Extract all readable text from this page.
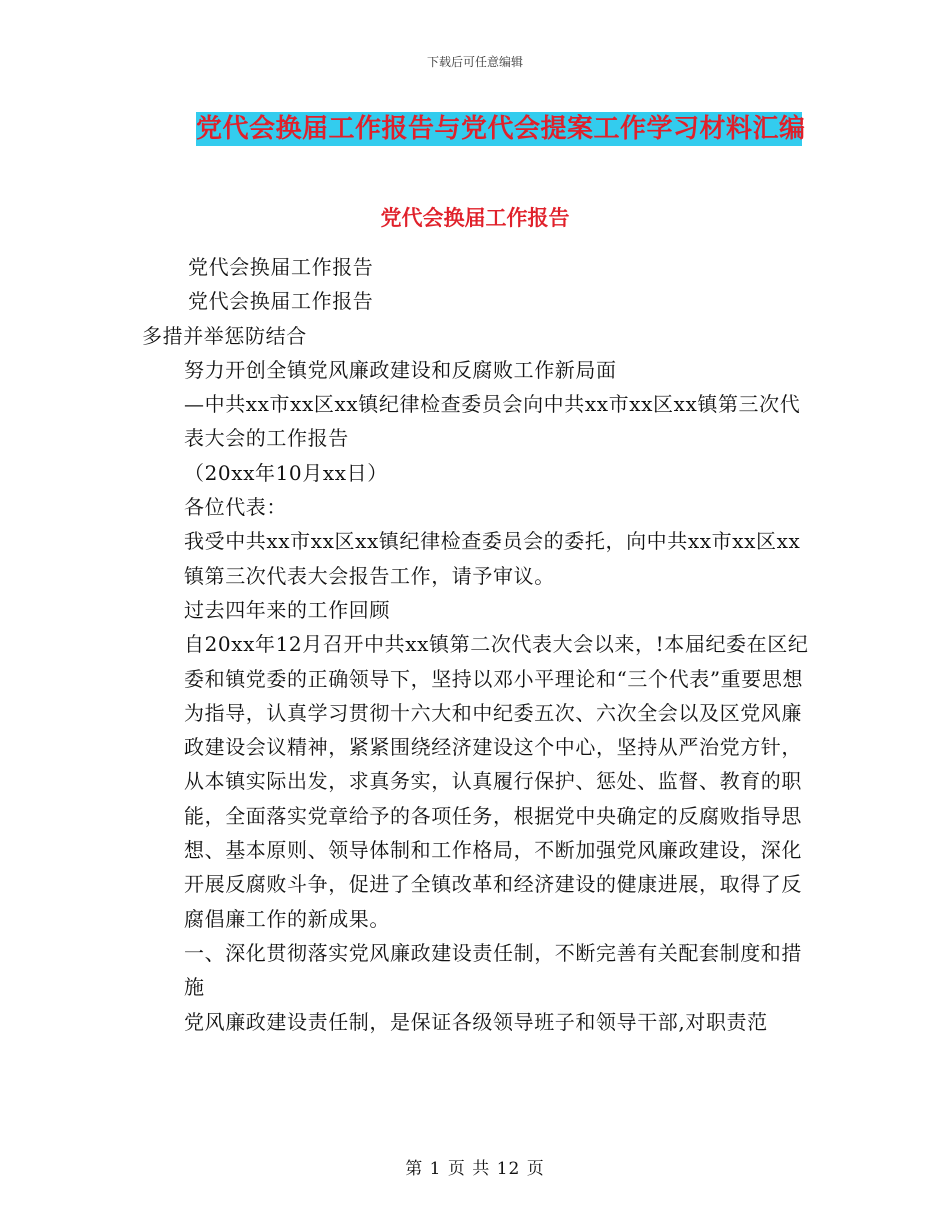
下载后可任意编辑
党代会换届工作报告与党代会提案工作学习材料汇编
党代会换届工作报告

党代会换届工作报告

党代会换届工作报告

多措并举惩防结合

努力开创全镇党风廉政建设和反腐败工作新局面

—中共xx市xx区xx镇纪律检查委员会向中共xx市xx区xx镇第三次代表大会的工作报告

（20xx年10月xx日）

各位代表：

我受中共xx市xx区xx镇纪律检查委员会的委托，向中共xx市xx区xx镇第三次代表大会报告工作，请予审议。

过去四年来的工作回顾

自20xx年12月召开中共xx镇第二次代表大会以来，!本届纪委在区纪委和镇党委的正确领导下，坚持以邓小平理论和“三个代表”重要思想为指导，认真学习贯彻十六大和中纪委五次、六次全会以及区党风廉政建设会议精神，紧紧围绕经济建设这个中心，坚持从严治党方针，从本镇实际出发，求真务实，认真履行保护、惩处、监督、教育的职能，全面落实党章给予的各项任务，根据党中央确定的反腐败指导思想、基本原则、领导体制和工作格局，不断加强党风廉政建设，深化开展反腐败斗争，促进了全镇改革和经济建设的健康进展，取得了反腐倡廉工作的新成果。

一、深化贯彻落实党风廉政建设责任制，不断完善有关配套制度和措施

党风廉政建设责任制，是保证各级领导班子和领导干部,对职责范

第 1 页 共 12 页
